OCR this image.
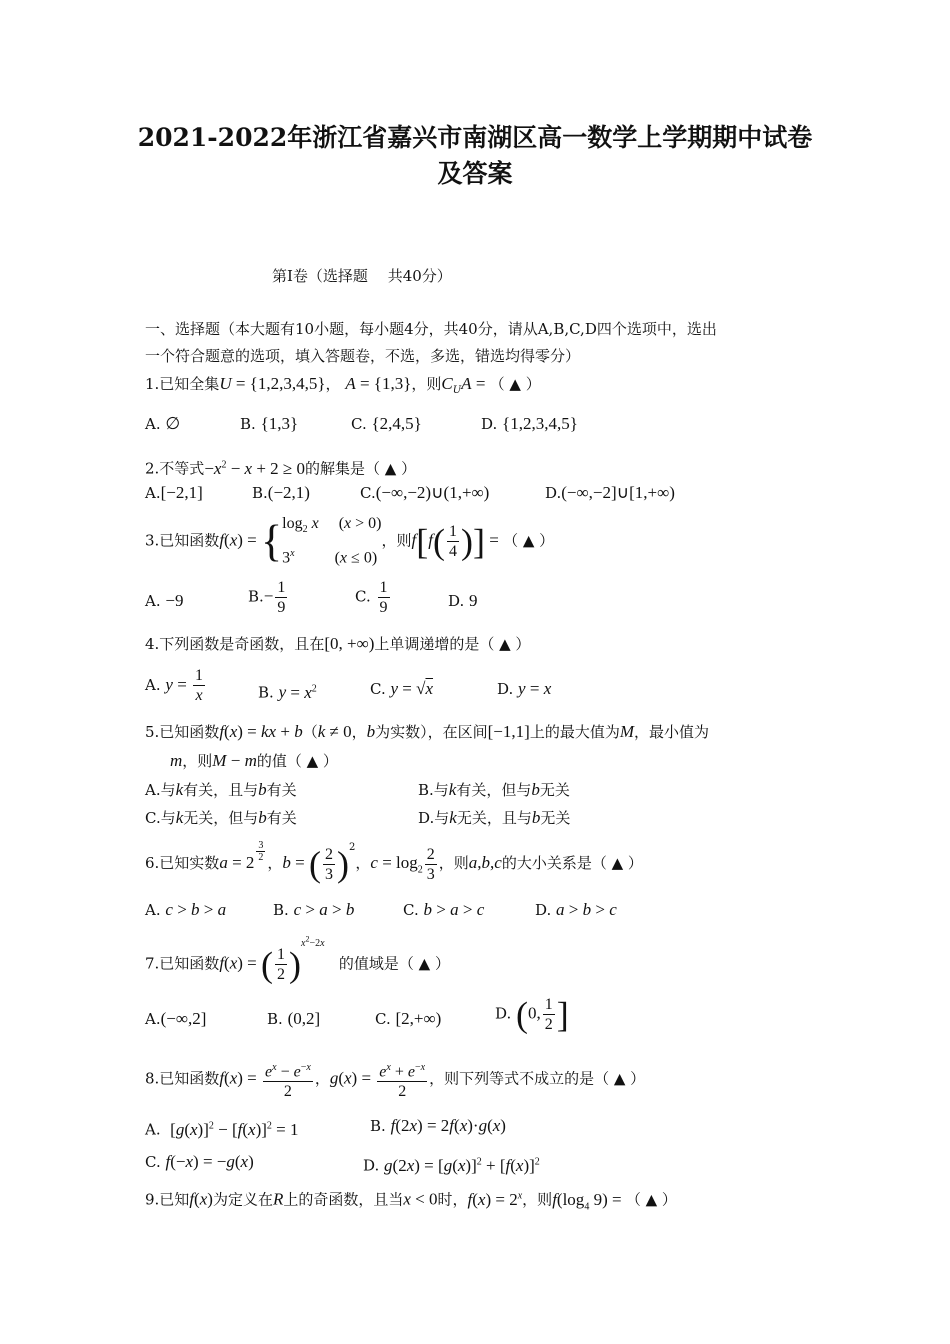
2021-2022年浙江省嘉兴市南湖区高一数学上学期期中试卷
及答案
第Ⅰ卷（选择题　 共40分）
一、选择题（本大题有10小题，每小题4分，共40分，请从A,B,C,D四个选项中，选出
一个符合题意的选项，填入答题卷，不选，多选，错选均得零分）
1.已知全集U = {1,2,3,4,5}， A = {1,3}，则$C_UA$ = （ ▲ ）
A. ∅	B. {1,3}	C. {2,4,5}	D. {1,2,3,4,5}
2.不等式$-x^2 - x + 2 \ge 0$的解集是（ ▲ ）
A.[−2,1]	B.(−2,1)	C.(−∞,−2)∪(1,+∞)	D.(−∞,−2]∪[1,+∞)
3.已知函数$f(x) = \{\log_2$ x     (x > 0)
3$^x$          (x ≤ 0)，则$f[f( \frac{1}{4}$ )] = （ ▲ ）
A. −9	$B.- \frac{1}{9}$	C. $\frac{1}{9}$	D. 9
4.下列函数是奇函数，且在[0, +∞)上单调递增的是（ ▲ ）
A. $y = \frac{1}{x}$	B. $y = x^2$	C. y = √x	D. y = x
5.已知函数f(x) = kx + b（k ≠ 0，b为实数），在区间[−1,1]上的最大值为M，最小值为
m，则M − m的值（ ▲ ）
A.与k有关，且与b有关	B.与k有关，但与b无关
C.与k无关，但与b有关	D.与k无关，且与b无关
6.已知实数a = 2 $^{\frac{3}{2}}$
，b = ( $\frac{2}{3} )^2$，$c = \log_2 \frac{2}{3}$ ，则a,b,c的大小关系是（ ▲ ）
A. c > b > a	B. c > a > b	C. b > a > c	D. a > b > c
7.已知函数f(x) = ( $\frac{1}{2} )^{x^2-2x}$   的值域是（ ▲ ）
A.(−∞,2]	B. (0,2]	C. [2,+∞)	D. (0, $\frac{1}{2}$ ]
8.已知函数$f(x) = \frac{e^x - e^{-x}}{2}$ ，$g(x) = \frac{e^x + e^{-x}}{2}$ ，则下列等式不成立的是（ ▲ ）
A. $[g(x)]^2 - [f(x)]^2 = 1$	B. f(2x) = 2f(x)·g(x)
C. f(−x) = −g(x)	D. $g(2x) = [g(x)]^2 + [f(x)]^2$
9.已知f(x)为定义在R上的奇函数，且当x < 0时，$f(x) = 2^x$，则$f(\log_4$ 9) = （ ▲ ）
